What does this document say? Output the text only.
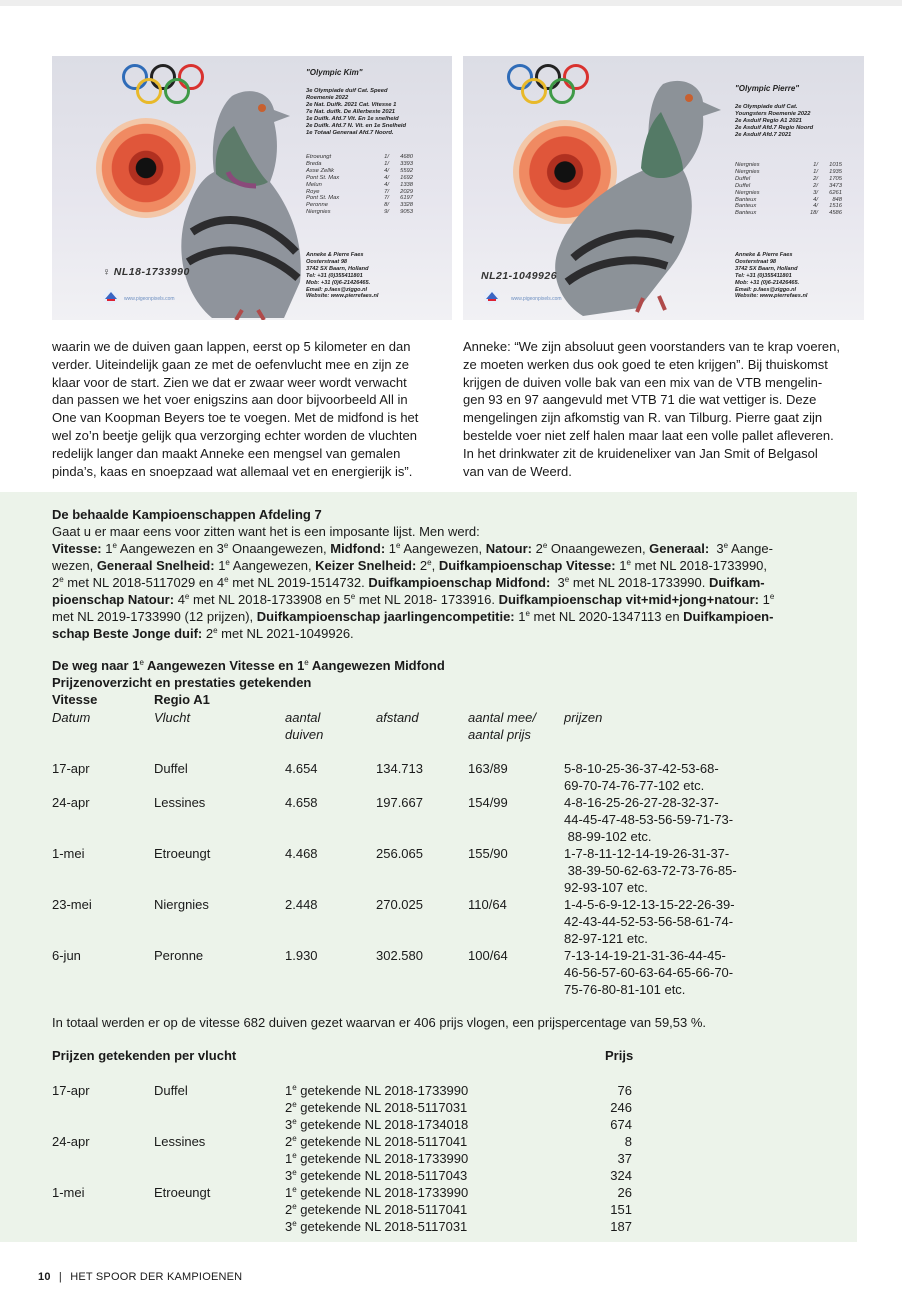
"Olympic Kim"
3e Olympiade duif Cat. Speed
Roemenie 2022
2e Nat. Duifk. 2021 Cat. Vitesse 1
7e Nat. duifk. De Allerbeste 2021
1e Duifk. Afd.7 Vit. En 1e snelheid
2e Duifk. Afd.7 N. Vit. en 1e Snelheid
1e Totaal Generaal Afd.7 Noord.
Etroeungt	1/	4680
Breda	1/	3393
Asse Zellik	4/	5592
Pont St. Max	4/	1692
Melun	4/	1338
Roye	7/	2029
Pont St. Max	7/	6197
Peronne	8/	3328
Niergnies	9/	9053
Anneke & Pierre Faes
Oosterstraat 98
3742 SX Baarn, Holland
Tel: +31 (0)355411801
Mob: +31 (0)6-21426465.
Email: p.faes@ziggo.nl
Website: www.pierrefaes.nl
♀ NL18-1733990
www.pigeonpixels.com
"Olympic Pierre"
2e Olympiade duif Cat.
Youngsters Roemenie 2022
2e Asduif Regio A1 2021
2e Asduif Afd.7 Regio Noord
2e Asduif Afd.7 2021
Niergnies	1/	1015
Niergnies	1/	1935
Duffel	2/	1705
Duffel	2/	3473
Niergnies	3/	6261
Banteux	4/	848
Banteux	4/	1516
Banteux	18/	4586
Anneke & Pierre Faes
Oosterstraat 98
3742 SX Baarn, Holland
Tel: +31 (0)355411801
Mob: +31 (0)6-21426465.
Email: p.faes@ziggo.nl
Website: www.pierrefaes.nl
NL21-1049926
www.pigeonpixels.com
waarin we de duiven gaan lappen, eerst op 5 kilometer en dan
verder. Uiteindelijk gaan ze met de oefenvlucht mee en zijn ze
klaar voor de start. Zien we dat er zwaar weer wordt verwacht
dan passen we het voer enigszins aan door bijvoorbeeld All in
One van Koopman Beyers toe te voegen. Met de midfond is het
wel zo’n beetje gelijk qua verzorging echter worden de vluchten
redelijk langer dan maakt Anneke een mengsel van gemalen
pinda’s, kaas en snoepzaad wat allemaal vet en energierijk is”.
Anneke: “We zijn absoluut geen voorstanders van te krap voeren,
ze moeten werken dus ook goed te eten krijgen”. Bij thuiskomst
krijgen de duiven volle bak van een mix van de VTB mengelin-
gen 93 en 97 aangevuld met VTB 71 die wat vettiger is. Deze
mengelingen zijn afkomstig van R. van Tilburg. Pierre gaat zijn
bestelde voer niet zelf halen maar laat een volle pallet afleveren.
In het drinkwater zit de kruidenelixer van Jan Smit of Belgasol
van van de Weerd.
De behaalde Kampioenschappen Afdeling 7
Gaat u er maar eens voor zitten want het is een imposante lijst. Men werd:
Vitesse: 1e Aangewezen en 3e Onaangewezen, Midfond: 1e Aangewezen, Natour: 2e Onaangewezen, Generaal:  3e Aange-
wezen, Generaal Snelheid: 1e Aangewezen, Keizer Snelheid: 2e, Duifkampioenschap Vitesse: 1e met NL 2018-1733990,
2e met NL 2018-5117029 en 4e met NL 2019-1514732. Duifkampioenschap Midfond:  3e met NL 2018-1733990. Duifkam-
pioenschap Natour: 4e met NL 2018-1733908 en 5e met NL 2018- 1733916. Duifkampioenschap vit+mid+jong+natour: 1e
met NL 2019-1733990 (12 prijzen), Duifkampioenschap jaarlingencompetitie: 1e met NL 2020-1347113 en Duifkampioen-
schap Beste Jonge duif: 2e met NL 2021-1049926.
De weg naar 1e Aangewezen Vitesse en 1e Aangewezen Midfond
Prijzenoverzicht en prestaties getekenden
Vitesse	Regio A1
Datum	Vlucht	aantal
duiven
afstand	aantal mee/
aantal prijs
prijzen
17-apr	Duffel	4.654	134.713	163/89	5-8-10-25-36-37-42-53-68-
69-70-74-76-77-102 etc.
24-apr	Lessines	4.658	197.667	154/99	4-8-16-25-26-27-28-32-37-
44-45-47-48-53-56-59-71-73-
88-99-102 etc.
1-mei	Etroeungt	4.468	256.065	155/90	1-7-8-11-12-14-19-26-31-37-
38-39-50-62-63-72-73-76-85-
92-93-107 etc.
23-mei	Niergnies	2.448	270.025	110/64	1-4-5-6-9-12-13-15-22-26-39-
42-43-44-52-53-56-58-61-74-
82-97-121 etc.
6-jun	Peronne	1.930	302.580	100/64	7-13-14-19-21-31-36-44-45-
46-56-57-60-63-64-65-66-70-
75-76-80-81-101 etc.
In totaal werden er op de vitesse 682 duiven gezet waarvan er 406 prijs vlogen, een prijspercentage van 59,53 %.
Prijzen getekenden per vlucht	Prijs
17-apr	Duffel	1e getekende NL 2018-1733990	76
2e getekende NL 2018-5117031	246
3e getekende NL 2018-1734018	674
24-apr	Lessines	2e getekende NL 2018-5117041	8
1e getekende NL 2018-1733990	37
3e getekende NL 2018-5117043	324
1-mei	Etroeungt	1e getekende NL 2018-1733990	26
2e getekende NL 2018-5117041	151
3e getekende NL 2018-5117031	187
10 | HET SPOOR DER KAMPIOENEN
